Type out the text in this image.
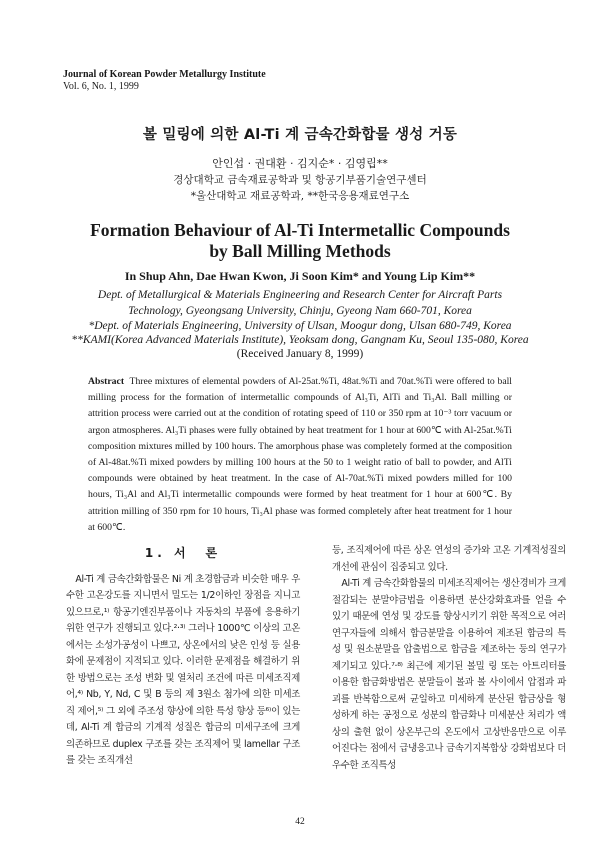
Journal of Korean Powder Metallurgy Institute
Vol. 6, No. 1, 1999
볼 밀링에 의한 Al-Ti 계 금속간화합물 생성 거동
안인섭 · 권대환 · 김지순* · 김영립**
경상대학교 금속재료공학과 및 항공기부품기술연구센터
*울산대학교 재료공학과, **한국응용재료연구소
Formation Behaviour of Al-Ti Intermetallic Compounds
by Ball Milling Methods
In Shup Ahn, Dae Hwan Kwon, Ji Soon Kim* and Young Lip Kim**
Dept. of Metallurgical & Materials Engineering and Research Center for Aircraft Parts
Technology, Gyeongsang University, Chinju, Gyeong Nam 660-701, Korea
*Dept. of Materials Engineering, University of Ulsan, Moogur dong, Ulsan 680-749, Korea
**KAMI(Korea Advanced Materials Institute), Yeoksam dong, Gangnam Ku, Seoul 135-080, Korea
(Received January 8, 1999)
Abstract Three mixtures of elemental powders of Al-25at.%Ti, 48at.%Ti and 70at.%Ti were offered to ball milling process for the formation of intermetallic compounds of Al₃Ti, AlTi and Ti₃Al. Ball milling or attrition process were carried out at the condition of rotating speed of 110 or 350 rpm at 10⁻³ torr vacuum or argon atmospheres. Al₃Ti phases were fully obtained by heat treatment for 1 hour at 600℃ with Al-25at.%Ti composition mixtures milled by 100 hours. The amorphous phase was completely formed at the composition of Al-48at.%Ti mixed powders by milling 100 hours at the 50 to 1 weight ratio of ball to powder, and AlTi compounds were obtained by heat treatment. In the case of Al-70at.%Ti mixed powders milled for 100 hours, Ti₃Al and Al₃Ti intermetallic compounds were formed by heat treatment for 1 hour at 600℃. By attrition milling of 350 rpm for 10 hours, Ti₃Al phase was formed completely after heat treatment for 1 hour at 600℃.
1. 서　론

Al-Ti 계 금속간화합물은 Ni 계 초경합금과 비슷한 매우 우수한 고온강도를 지니면서 밀도는 1/2이하인 장점을 지니고 있으므로,¹⁾ 항공기엔진부품이나 자동차의 부품에 응용하기 위한 연구가 진행되고 있다.²·³⁾ 그러나 1000℃ 이상의 고온에서는 소성가공성이 나쁘고, 상온에서의 낮은 인성 등 실용화에 문제점이 지적되고 있다. 이러한 문제점을 해결하기 위한 방법으로는 조성 변화 및 열처리 조건에 따른 미세조직제어,⁴⁾ Nb, Y, Nd, C 및 B 등의 제 3원소 첨가에 의한 미세조직 제어,⁵⁾ 그 외에 주조성 향상에 의한 특성 향상 등⁶⁾이 있는데, Al-Ti 계 합금의 기계적 성질은 합금의 미세구조에 크게 의존하므로 duplex 구조를 갖는 조직제어 및 lamellar 구조를 갖는 조직개선

등, 조직제어에 따른 상온 연성의 증가와 고온 기계적성질의 개선에 관심이 집중되고 있다.

Al-Ti 계 금속간화합물의 미세조직제어는 생산경비가 크게 절감되는 분말야금법을 이용하면 분산강화효과를 얻을 수 있기 때문에 연성 및 강도를 향상시키기 위한 목적으로 여러 연구자들에 의해서 합금분말을 이용하여 제조된 합금의 특성 및 원소분말을 압출법으로 합금을 제조하는 등의 연구가 제기되고 있다.⁷·⁸⁾ 최근에 제기된 볼밀 링 또는 아트리터를 이용한 합금화방법은 분말들이 볼과 볼 사이에서 압접과 파괴를 반복함으로써 균일하고 미세하게 분산된 합금상을 형성하게 하는 공정으로 성분의 합금화나 미세분산 처리가 액상의 출현 없이 상온부근의 온도에서 고상반응만으로 이루어진다는 점에서 급냉응고나 금속기지복합상 강화법보다 더 우수한 조직특성

42
